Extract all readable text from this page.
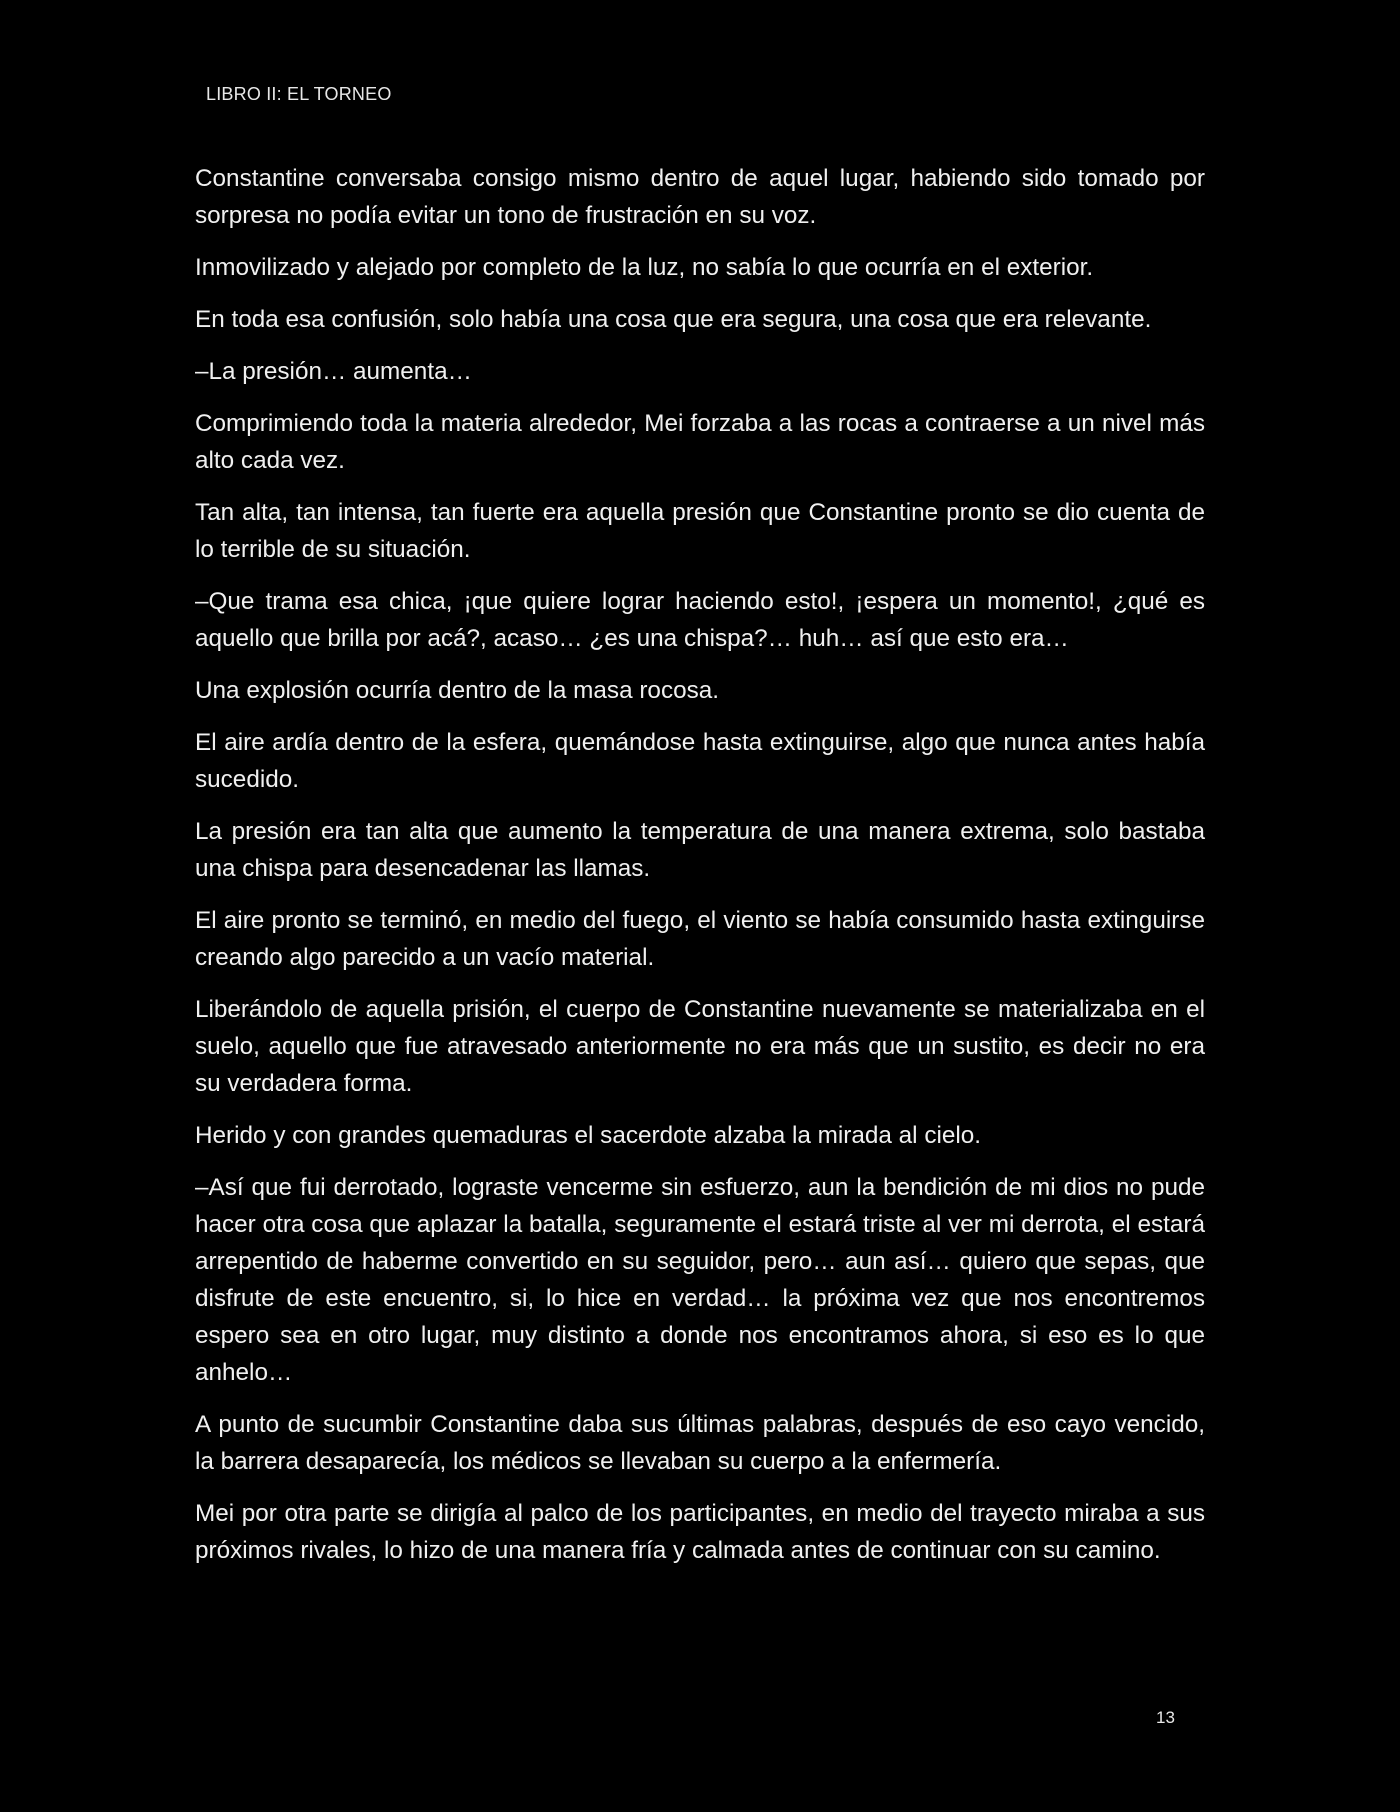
LIBRO II: EL TORNEO

Constantine conversaba consigo mismo dentro de aquel lugar, habiendo sido tomado por sorpresa no podía evitar un tono de frustración en su voz.

Inmovilizado y alejado por completo de la luz, no sabía lo que ocurría en el exterior.

En toda esa confusión, solo había una cosa que era segura, una cosa que era relevante.

–La presión… aumenta…

Comprimiendo toda la materia alrededor, Mei forzaba a las rocas a contraerse a un nivel más alto cada vez.

Tan alta, tan intensa, tan fuerte era aquella presión que Constantine pronto se dio cuenta de lo terrible de su situación.

–Que trama esa chica, ¡que quiere lograr haciendo esto!, ¡espera un momento!, ¿qué es aquello que brilla por acá?, acaso… ¿es una chispa?… huh… así que esto era…

Una explosión ocurría dentro de la masa rocosa.

El aire ardía dentro de la esfera, quemándose hasta extinguirse, algo que nunca antes había sucedido.

La presión era tan alta que aumento la temperatura de una manera extrema, solo bastaba una chispa para desencadenar las llamas.

El aire pronto se terminó, en medio del fuego, el viento se había consumido hasta extinguirse creando algo parecido a un vacío material.

Liberándolo de aquella prisión, el cuerpo de Constantine nuevamente se materializaba en el suelo, aquello que fue atravesado anteriormente no era más que un sustito, es decir no era su verdadera forma.

Herido y con grandes quemaduras el sacerdote alzaba la mirada al cielo.

–Así que fui derrotado, lograste vencerme sin esfuerzo, aun la bendición de mi dios no pude hacer otra cosa que aplazar la batalla, seguramente el estará triste al ver mi derrota, el estará arrepentido de haberme convertido en su seguidor, pero… aun así… quiero que sepas, que disfrute de este encuentro, si, lo hice en verdad… la próxima vez que nos encontremos espero sea en otro lugar, muy distinto a donde nos encontramos ahora, si eso es lo que anhelo…

A punto de sucumbir Constantine daba sus últimas palabras, después de eso cayo vencido, la barrera desaparecía, los médicos se llevaban su cuerpo a la enfermería.

Mei por otra parte se dirigía al palco de los participantes, en medio del trayecto miraba a sus próximos rivales, lo hizo de una manera fría y calmada antes de continuar con su camino.

13
